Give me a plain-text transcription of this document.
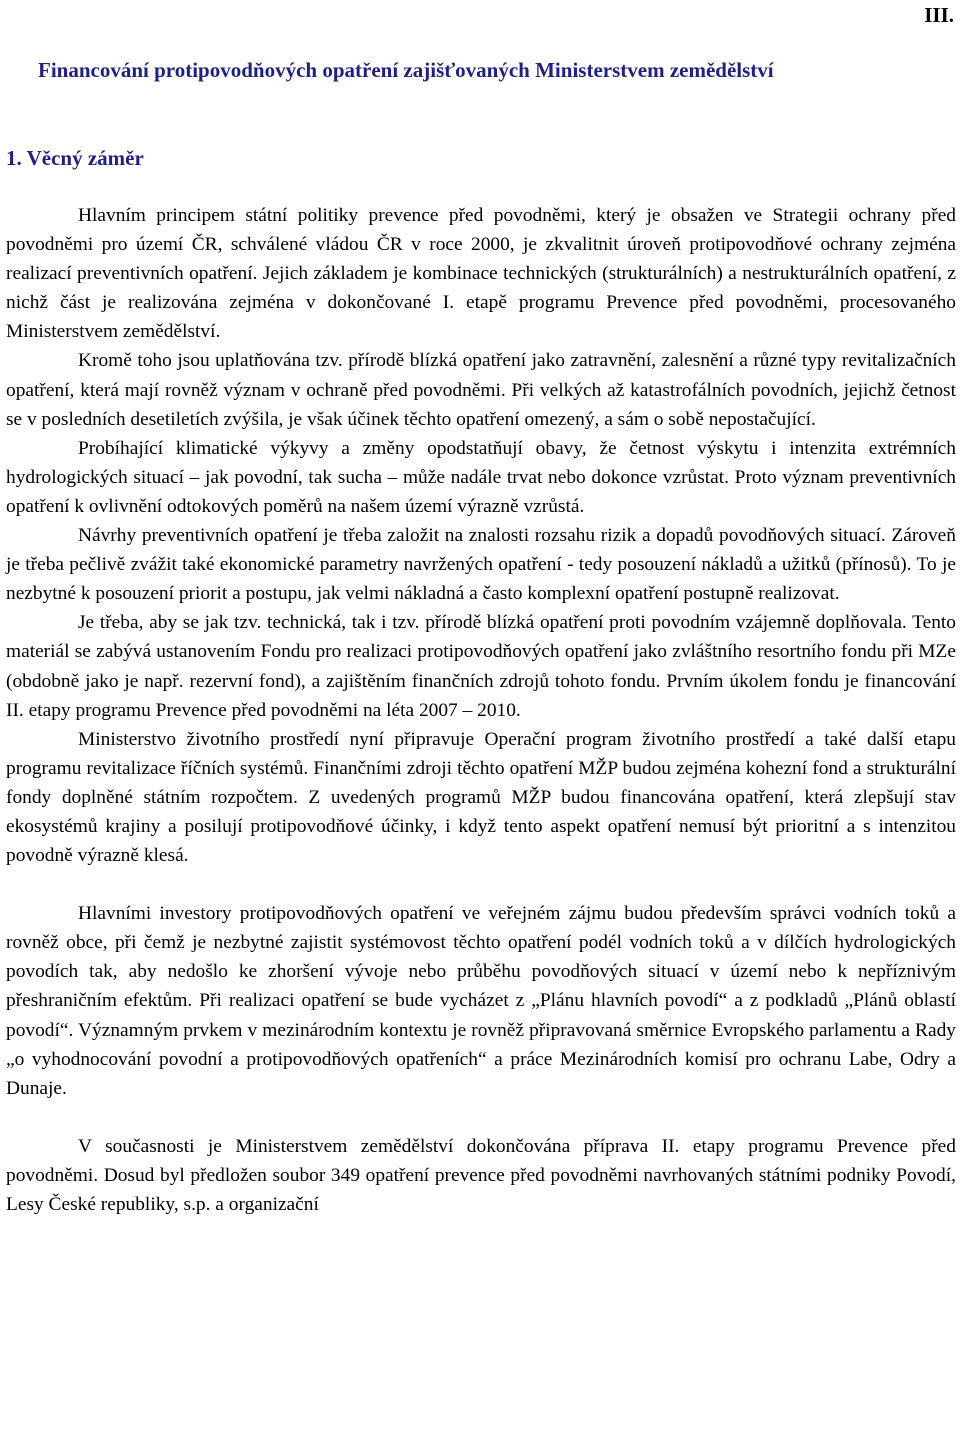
III.
Financování protipovodňových opatření zajišťovaných Ministerstvem zemědělství
1. Věcný záměr

Hlavním principem státní politiky prevence před povodněmi, který je obsažen ve Strategii ochrany před povodněmi pro území ČR, schválené vládou ČR v roce 2000, je zkvalitnit úroveň protipovodňové ochrany zejména realizací preventivních opatření. Jejich základem je kombinace technických (strukturálních) a nestrukturálních opatření, z nichž část je realizována zejména v dokončované I. etapě programu Prevence před povodněmi, procesovaného Ministerstvem zemědělství.

Kromě toho jsou uplatňována tzv. přírodě blízká opatření jako zatravnění, zalesnění a různé typy revitalizačních opatření, která mají rovněž význam v ochraně před povodněmi. Při velkých až katastrofálních povodních, jejichž četnost se v posledních desetiletích zvýšila, je však účinek těchto opatření omezený, a sám o sobě nepostačující.

Probíhající klimatické výkyvy a změny opodstatňují obavy, že četnost výskytu i intenzita extrémních hydrologických situací – jak povodní, tak sucha – může nadále trvat nebo dokonce vzrůstat. Proto význam preventivních opatření k ovlivnění odtokových poměrů na našem území výrazně vzrůstá.

Návrhy preventivních opatření je třeba založit na znalosti rozsahu rizik a dopadů povodňových situací. Zároveň je třeba pečlivě zvážit také ekonomické parametry navržených opatření - tedy posouzení nákladů a užitků (přínosů). To je nezbytné k posouzení priorit a postupu, jak velmi nákladná a často komplexní opatření postupně realizovat.

Je třeba, aby se jak tzv. technická, tak i tzv. přírodě blízká opatření proti povodním vzájemně doplňovala. Tento materiál se zabývá ustanovením Fondu pro realizaci protipovodňových opatření jako zvláštního resortního fondu při MZe (obdobně jako je např. rezervní fond), a zajištěním finančních zdrojů tohoto fondu. Prvním úkolem fondu je financování II. etapy programu Prevence před povodněmi na léta 2007 – 2010.

Ministerstvo životního prostředí nyní připravuje Operační program životního prostředí a také další etapu programu revitalizace říčních systémů. Finančními zdroji těchto opatření MŽP budou zejména kohezní fond a strukturální fondy doplněné státním rozpočtem. Z uvedených programů MŽP budou financována opatření, která zlepšují stav ekosystémů krajiny a posilují protipovodňové účinky, i když tento aspekt opatření nemusí být prioritní a s intenzitou povodně výrazně klesá.

Hlavními investory protipovodňových opatření ve veřejném zájmu budou především správci vodních toků a rovněž obce, při čemž je nezbytné zajistit systémovost těchto opatření podél vodních toků a v dílčích hydrologických povodích tak, aby nedošlo ke zhoršení vývoje nebo průběhu povodňových situací v území nebo k nepříznivým přeshraničním efektům. Při realizaci opatření se bude vycházet z „Plánu hlavních povodí“ a z podkladů „Plánů oblastí povodí“. Významným prvkem v mezinárodním kontextu je rovněž připravovaná směrnice Evropského parlamentu a Rady „o vyhodnocování povodní a protipovodňových opatřeních“ a práce Mezinárodních komisí pro ochranu Labe, Odry a Dunaje.

V současnosti je Ministerstvem zemědělství dokončována příprava II. etapy programu Prevence před povodněmi. Dosud byl předložen soubor 349 opatření prevence před povodněmi navrhovaných státními podniky Povodí, Lesy České republiky, s.p. a organizační
